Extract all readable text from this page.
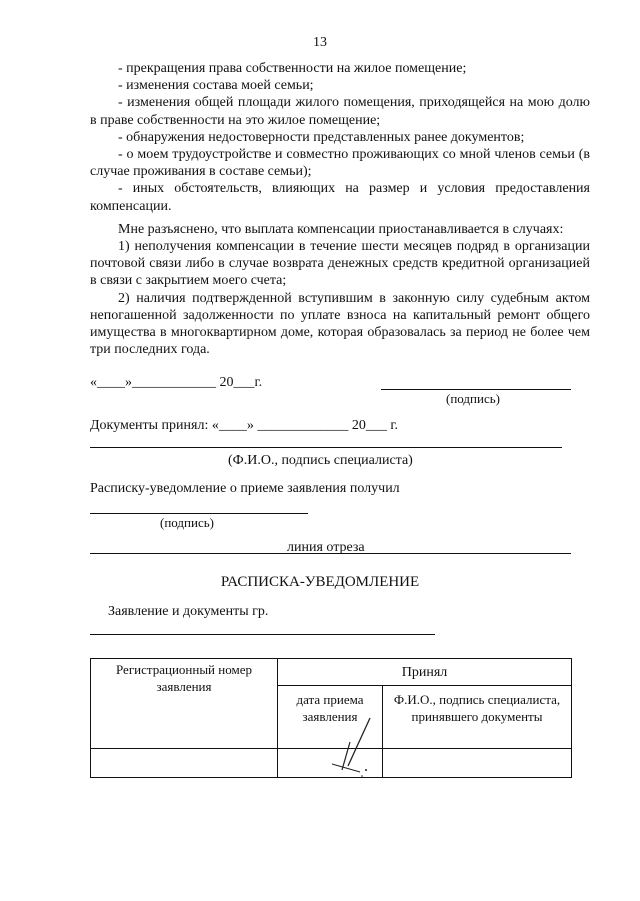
13

- прекращения права собственности на жилое помещение;

- изменения состава моей семьи;

- изменения общей площади жилого помещения, приходящейся на мою долю в праве собственности на это жилое помещение;

- обнаружения недостоверности представленных ранее документов;

- о моем трудоустройстве и совместно проживающих со мной членов семьи (в случае проживания в составе семьи);

- иных обстоятельств, влияющих на размер и условия предоставления компенсации.

Мне разъяснено, что выплата компенсации приостанавливается в случаях:

1) неполучения компенсации в течение шести месяцев подряд в организации почтовой связи либо в случае возврата денежных средств кредитной организацией в связи с закрытием моего счета;

2) наличия подтвержденной вступившим в законную силу судебным актом непогашенной задолженности по уплате взноса на капитальный ремонт общего имущества в многоквартирном доме, которая образовалась за период не более чем три последних года.

«____»____________ 20___г.
(подпись)
Документы принял: «____» _____________ 20___ г.
(Ф.И.О., подпись специалиста)
Расписку-уведомление о приеме заявления получил
(подпись)
линия отреза
РАСПИСКА-УВЕДОМЛЕНИЕ
Заявление и документы гр.
Регистрационный номер заявления	Принял	
	дата приема заявления	Ф.И.О., подпись специалиста, принявшего документы
